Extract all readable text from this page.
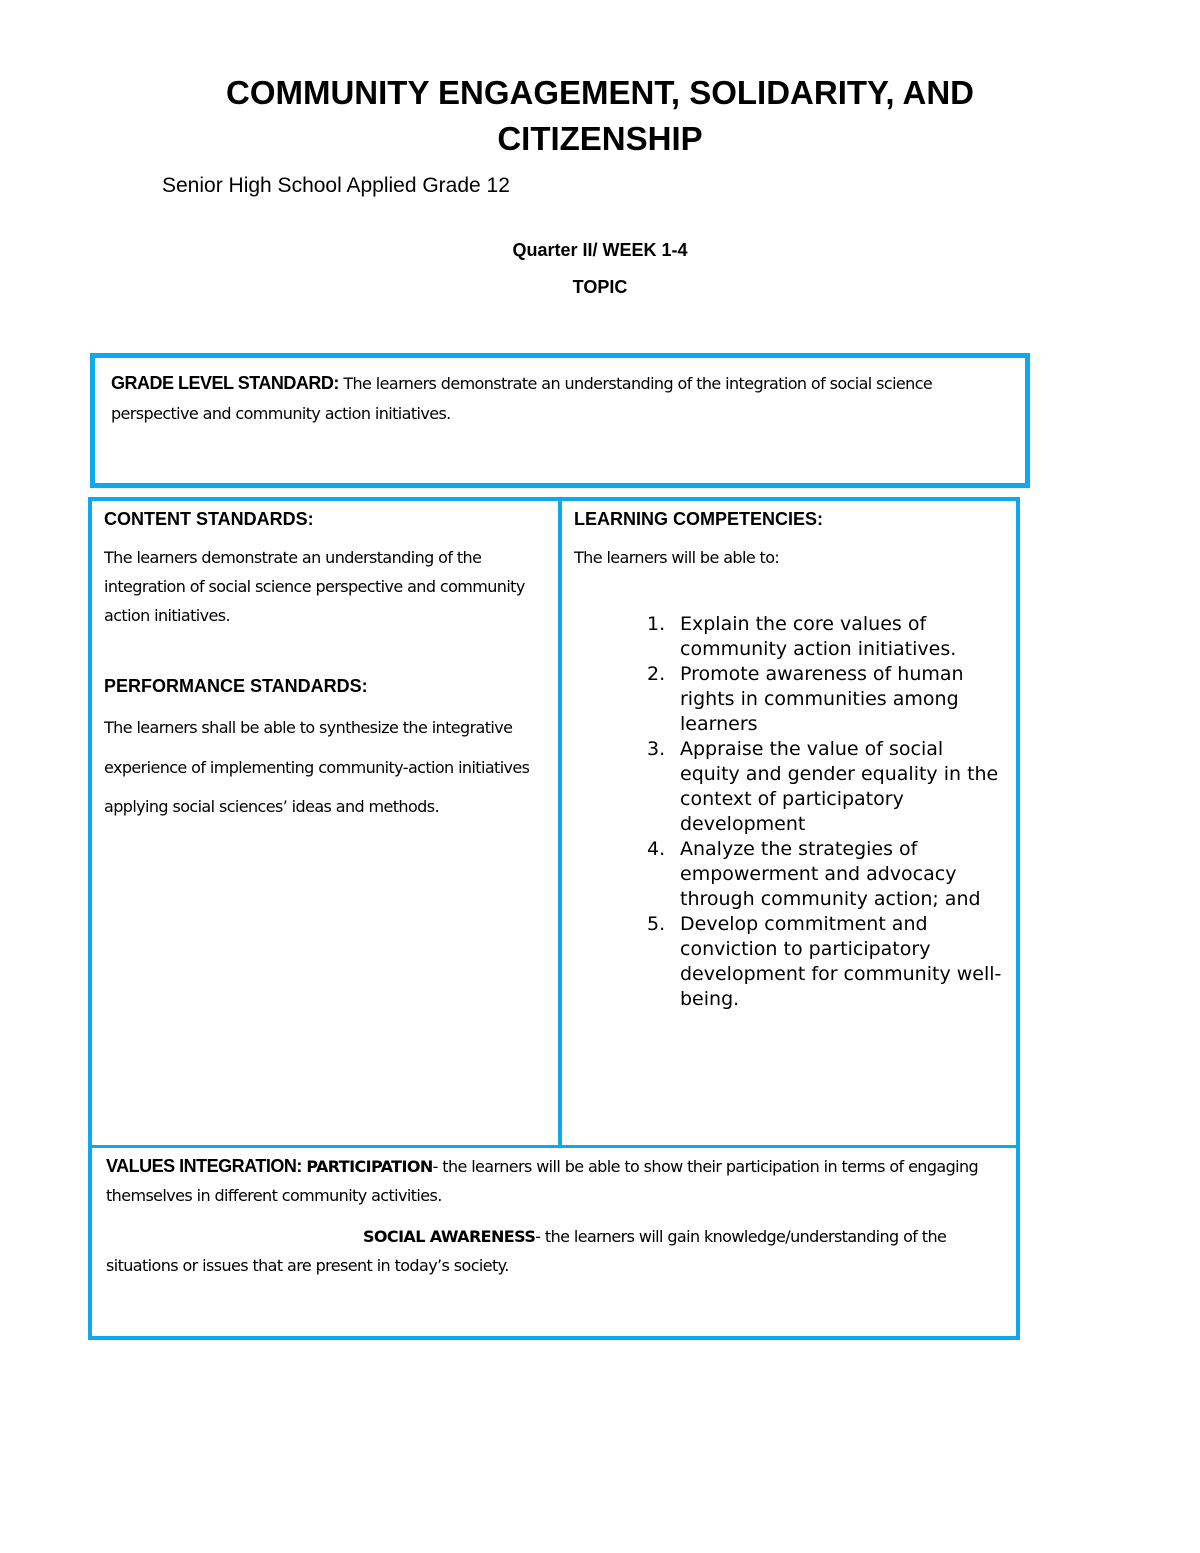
COMMUNITY ENGAGEMENT, SOLIDARITY, AND CITIZENSHIP

Senior High School Applied Grade 12

Quarter II/ WEEK 1-4

TOPIC

GRADE LEVEL STANDARD: The learners demonstrate an understanding of the integration of social science perspective and community action initiatives.

CONTENT STANDARDS:

The learners demonstrate an understanding of the integration of social science perspective and community action initiatives.

PERFORMANCE STANDARDS:

The learners shall be able to synthesize the integrative experience of implementing community-action initiatives applying social sciences’ ideas and methods.

LEARNING COMPETENCIES:

The learners will be able to:

1. Explain the core values of community action initiatives.
2. Promote awareness of human rights in communities among learners
3. Appraise the value of social equity and gender equality in the context of participatory development
4. Analyze the strategies of empowerment and advocacy through community action; and
5. Develop commitment and conviction to participatory development for community well-being.

VALUES INTEGRATION: PARTICIPATION- the learners will be able to show their participation in terms of engaging themselves in different community activities.

SOCIAL AWARENESS- the learners will gain knowledge/understanding of the situations or issues that are present in today’s society.
